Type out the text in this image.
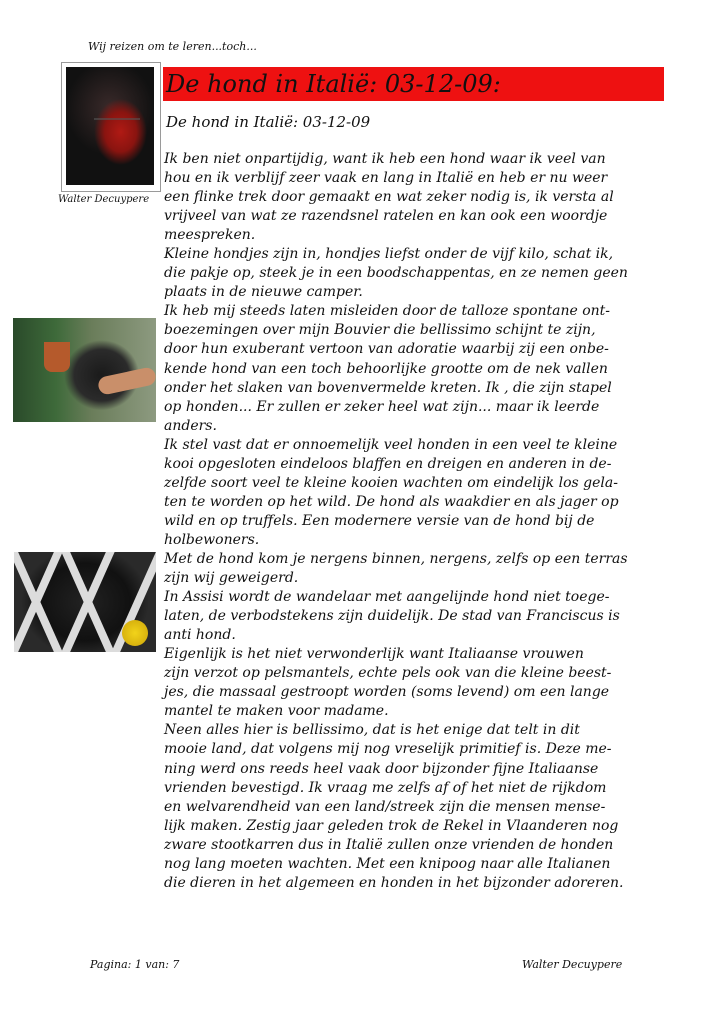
Wij reizen om te leren...toch...
Walter Decuypere
De hond in Italië: 03-12-09:
De hond in Italië: 03-12-09
Ik ben niet onpartijdig, want ik heb een hond waar ik veel van
hou en ik verblijf zeer vaak en lang in Italië en heb er nu weer
een flinke trek door gemaakt en wat zeker nodig is, ik versta al
vrijveel van wat ze razendsnel ratelen en kan ook een woordje
meespreken.
Kleine hondjes zijn in, hondjes liefst onder de vijf kilo, schat ik,
die pakje op, steek je in een boodschappentas, en ze nemen geen
plaats in de nieuwe camper.
Ik heb mij steeds laten misleiden door de talloze spontane ont-
boezemingen over mijn Bouvier die bellissimo schijnt te zijn,
door hun exuberant vertoon van adoratie waarbij zij een onbe-
kende hond van een toch behoorlijke grootte om de nek vallen
onder het slaken van bovenvermelde kreten. Ik , die zijn stapel
op honden... Er zullen er zeker heel wat zijn... maar ik leerde
anders.
Ik stel vast dat er onnoemelijk veel honden in een veel te kleine
kooi opgesloten eindeloos blaffen en dreigen en anderen in de-
zelfde soort veel te kleine kooien wachten om eindelijk los gela-
ten te worden op het wild. De hond als waakdier en als jager op
wild en op truffels. Een modernere versie van de hond bij de
holbewoners.
Met de hond kom je nergens binnen, nergens, zelfs op een terras
zijn wij geweigerd.
In Assisi wordt de wandelaar met aangelijnde hond niet toege-
laten, de verbodstekens zijn duidelijk. De stad van Franciscus is
anti hond.
Eigenlijk is het niet verwonderlijk want Italiaanse vrouwen
zijn verzot op pelsmantels, echte pels ook van die kleine beest-
jes, die massaal gestroopt worden (soms levend) om een lange
mantel te maken voor madame.
Neen alles hier is bellissimo, dat is het enige dat telt in dit
mooie land, dat volgens mij nog vreselijk primitief is. Deze me-
ning werd ons reeds heel vaak door bijzonder fijne Italiaanse
vrienden bevestigd. Ik vraag me zelfs af of het niet de rijkdom
en welvarendheid van een land/streek zijn die mensen mense-
lijk maken. Zestig jaar geleden trok de Rekel in Vlaanderen nog
zware stootkarren dus in Italië zullen onze vrienden de honden
nog lang moeten wachten. Met een knipoog naar alle Italianen
die dieren in het algemeen en honden in het bijzonder adoreren.
Pagina: 1 van: 7	Walter Decuypere
